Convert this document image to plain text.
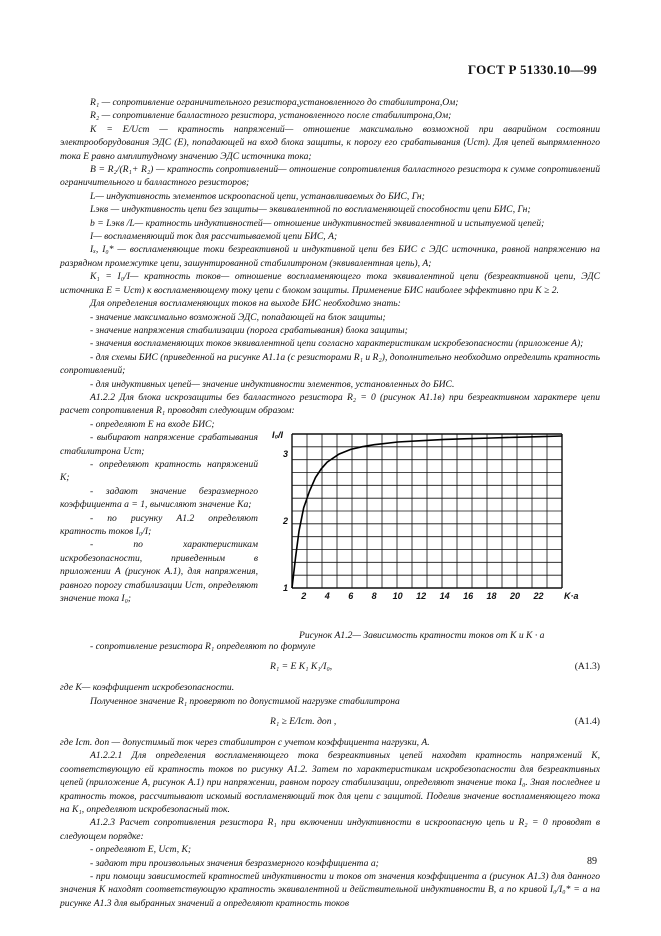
ГОСТ Р 51330.10—99

R₁ — сопротивление ограничительного резистора,установленного до стабилитрона,Ом;

R₂ — сопротивление балластного резистора, установленного после стабилитрона,Ом;

K = E/Uст — кратность напряжений— отношение максимально возможной при аварийном состоянии электрооборудования ЭДС (E), попадающей на вход блока защиты, к порогу его срабатывания (Uст). Для цепей выпрямленного тока E равно амплитудному значению ЭДС источника тока;

B = R₂/(R₁+ R₂) — кратность сопротивлений— отношение сопротивления балластного резистора к сумме сопротивлений ограничительного и балластного резисторов;

L— индуктивность элементов искроопасной цепи, устанавливаемых до БИС, Гн;

Lэкв — индуктивность цепи без защиты— эквивалентной по воспламеняющей способности цепи БИС, Гн;

b = Lэкв /L— кратность индуктивностей— отношение индуктивностей эквивалентной и испытуемой цепей;

I— воспламеняющий ток для рассчитываемой цепи БИС, А;

Iₓ, I₀* — воспламеняющие токи безреактивной и индуктивной цепи без БИС с ЭДС источника, равной напряжению на разрядном промежутке цепи, зашунтированной стабилитроном (эквивалентная цепь), А;

K₁ = I₀/I— кратность токов— отношение воспламеняющего тока эквивалентной цепи (безреактивной цепи, ЭДС источника E = Uст) к воспламеняющему току цепи с блоком защиты. Применение БИС наиболее эффективно при K ≥ 2.

Для определения воспламеняющих токов на выходе БИС необходимо знать:

- значение максимально возможной ЭДС, попадающей на блок защиты;

- значение напряжения стабилизации (порога срабатывания) блока защиты;

- значения воспламеняющих токов эквивалентной цепи согласно характеристикам искробезопасности (приложение А);

- для схемы БИС (приведенной на рисунке А1.1а (с резисторами R₁ и R₂), дополнительно необходимо определить кратность сопротивлений;

- для индуктивных цепей— значение индуктивности элементов, установленных до БИС.

А1.2.2 Для блока искрозащиты без балластного резистора R₂ = 0 (рисунок А1.1в) при безреактивном характере цепи расчет сопротивления R₁ проводят следующим образом:

- определяют E на входе БИС;

- выбирают напряжение срабатывания стабилитрона Uст;

- определяют кратность напряжений K;

- задают значение безразмерного коэффициента a = 1, вычисляют значение Ka;

- по рисунку А1.2 определяют кратность токов I₀/I;

- по характеристикам искробезопасности, приведенным в приложении А (рисунок А.1), для напряжения, равного порогу стабилизации Uст, определяют значение тока I₀;	2 4 6 8 10 12 14 16 18 20 22
1
2
3
I₀/I
K·a
Рисунок А1.2— Зависимость кратности токов от K и K · a

- сопротивление резистора R₁ определяют по формуле

R₁ = E K₁ K₁/I₀,	(А1.3)

где K— коэффициент искробезопасности.

Полученное значение R₁ проверяют по допустимой нагрузке стабилитрона

R₁ ≥ E/Iст. доп ,	(А1.4)

где Iст. доп — допустимый ток через стабилитрон с учетом коэффициента нагрузки, А.

А1.2.2.1 Для определения воспламеняющего тока безреактивных цепей находят кратность напряжений K, соответствующую ей кратность токов по рисунку А1.2. Затем по характеристикам искробезопасности для безреактивных цепей (приложение А, рисунок А.1) при напряжении, равном порогу стабилизации, определяют значение тока I₀. Зная последнее и кратность токов, рассчитывают искомый воспламеняющий ток для цепи с защитой. Поделив значение воспламеняющего тока на K₁, определяют искробезопасный ток.

А1.2.3 Расчет сопротивления резистора R₁ при включении индуктивности в искроопасную цепь и R₂ = 0 проводят в следующем порядке:

- определяют E, Uст, K;

- задают три произвольных значения безразмерного коэффициента a;

- при помощи зависимостей кратностей индуктивности и токов от значения коэффициента a (рисунок А1.3) для данного значения K находят соответствующую кратность эквивалентной и действительной индуктивности B, а по кривой I₀/I₀* = a на рисунке А1.3 для выбранных значений a определяют кратность токов

89
